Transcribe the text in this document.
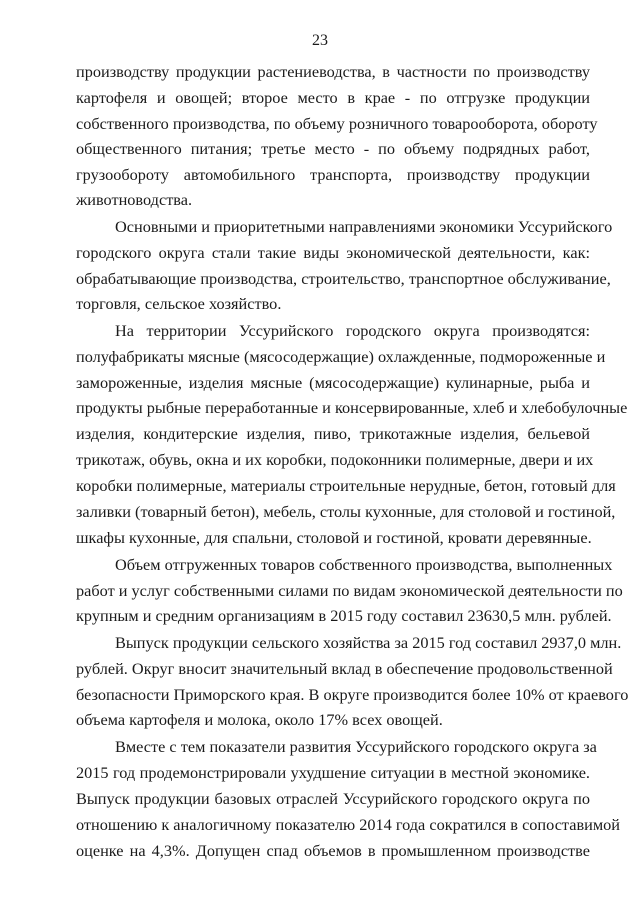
23
производству продукции растениеводства, в частности по производству
картофеля и овощей; второе место в крае - по отгрузке продукции
собственного производства, по объему розничного товарооборота, обороту
общественного питания; третье место - по объему подрядных работ,
грузообороту автомобильного транспорта, производству продукции
животноводства.
Основными и приоритетными направлениями экономики Уссурийского
городского округа стали такие виды экономической деятельности, как:
обрабатывающие производства, строительство, транспортное обслуживание,
торговля, сельское хозяйство.
На территории Уссурийского городского округа производятся:
полуфабрикаты мясные (мясосодержащие) охлажденные, подмороженные и
замороженные, изделия мясные (мясосодержащие) кулинарные, рыба и
продукты рыбные переработанные и консервированные, хлеб и хлебобулочные
изделия, кондитерские изделия, пиво, трикотажные изделия, бельевой
трикотаж, обувь, окна и их коробки, подоконники полимерные, двери и их
коробки полимерные, материалы строительные нерудные, бетон, готовый для
заливки (товарный бетон), мебель, столы кухонные, для столовой и гостиной,
шкафы кухонные, для спальни, столовой и гостиной, кровати деревянные.
Объем отгруженных товаров собственного производства, выполненных
работ и услуг собственными силами по видам экономической деятельности по
крупным и средним организациям в 2015 году составил 23630,5 млн. рублей.
Выпуск продукции сельского хозяйства за 2015 год составил 2937,0 млн.
рублей. Округ вносит значительный вклад в обеспечение продовольственной
безопасности Приморского края. В округе производится более 10% от краевого
объема картофеля и молока, около 17% всех овощей.
Вместе с тем показатели развития Уссурийского городского округа за
2015 год продемонстрировали ухудшение ситуации в местной экономике.
Выпуск продукции базовых отраслей Уссурийского городского округа по
отношению к аналогичному показателю 2014 года сократился в сопоставимой
оценке на 4,3%. Допущен спад объемов в промышленном производстве
